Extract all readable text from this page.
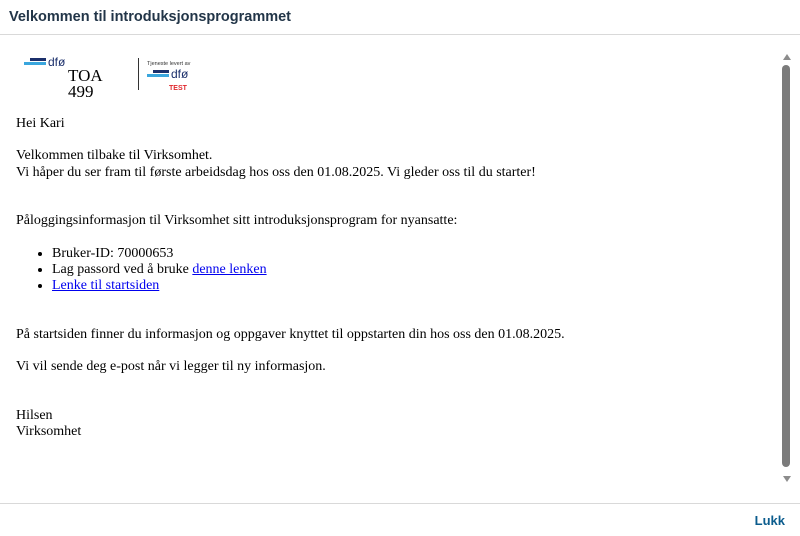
Velkommen til introduksjonsprogrammet
dfø
TOA 499
Tjeneste levert av
dfø
TEST

Hei Kari

Velkommen tilbake til Virksomhet.
Vi håper du ser fram til første arbeidsdag hos oss den 01.08.2025. Vi gleder oss til du starter!

Påloggingsinformasjon til Virksomhet sitt introduksjonsprogram for nyansatte:

• Bruker-ID: 70000653
• Lag passord ved å bruke denne lenken
• Lenke til startsiden

På startsiden finner du informasjon og oppgaver knyttet til oppstarten din hos oss den 01.08.2025.

Vi vil sende deg e-post når vi legger til ny informasjon.

Hilsen
Virksomhet

Lukk
